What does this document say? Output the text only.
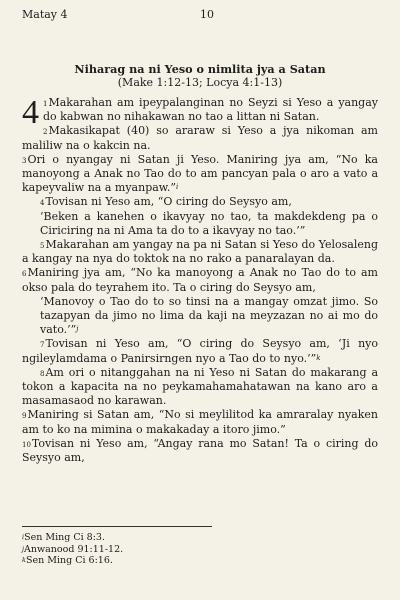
Matay 4	10
Niharag na ni Yeso o nimlita jya a Satan
(Make 1:12-13; Locya 4:1-13)

4 $^1$Makarahan am ipeypalanginan no Seyzi si Yeso a yangay do kabwan no nihakawan no tao a littan ni Satan.

$^2$Makasikapat (40) so araraw si Yeso a jya nikoman am maliliw na o kakcin na.

$^3$Ori o nyangay ni Satan ji Yeso. Maniring jya am, “No ka manoyong a Anak no Tao do to am pancyan pala o aro a vato a kapeyvaliw na a myanpaw.”$^i$

$^4$Tovisan ni Yeso am, “O ciring do Seysyo am,

‘Beken a kanehen o ikavyay no tao, ta makdekdeng pa o Ciriciring na ni Ama ta do to a ikavyay no tao.’”

$^5$Makarahan am yangay na pa ni Satan si Yeso do Yelosaleng a kangay na nya do toktok na no rako a panaralayan da.

$^6$Maniring jya am, “No ka manoyong a Anak no Tao do to am okso pala do teyrahem ito. Ta o ciring do Seysyo am,

‘Manovoy o Tao do to so tinsi na a mangay omzat jimo. So tazapyan da jimo no lima da kaji na meyzazan no ai mo do vato.’”$^j$

$^7$Tovisan ni Yeso am, “O ciring do Seysyo am, ‘Ji nyo ngileylamdama o Panirsirngen nyo a Tao do to nyo.’”$^k$

$^8$Am ori o nitanggahan na ni Yeso ni Satan do makarang a tokon a kapacita na no peykamahamahatawan na kano aro a masamasaod no karawan.

$^9$Maniring si Satan am, “No si meylilitod ka amraralay nyaken am to ko na mimina o makakaday a itoro jimo.”

$^{10}$Tovisan ni Yeso am, “Angay rana mo Satan! Ta o ciring do Seysyo am,

$^i$Sen Ming Ci 8:3.
$^j$Anwanood 91:11-12.
$^k$Sen Ming Ci 6:16.
